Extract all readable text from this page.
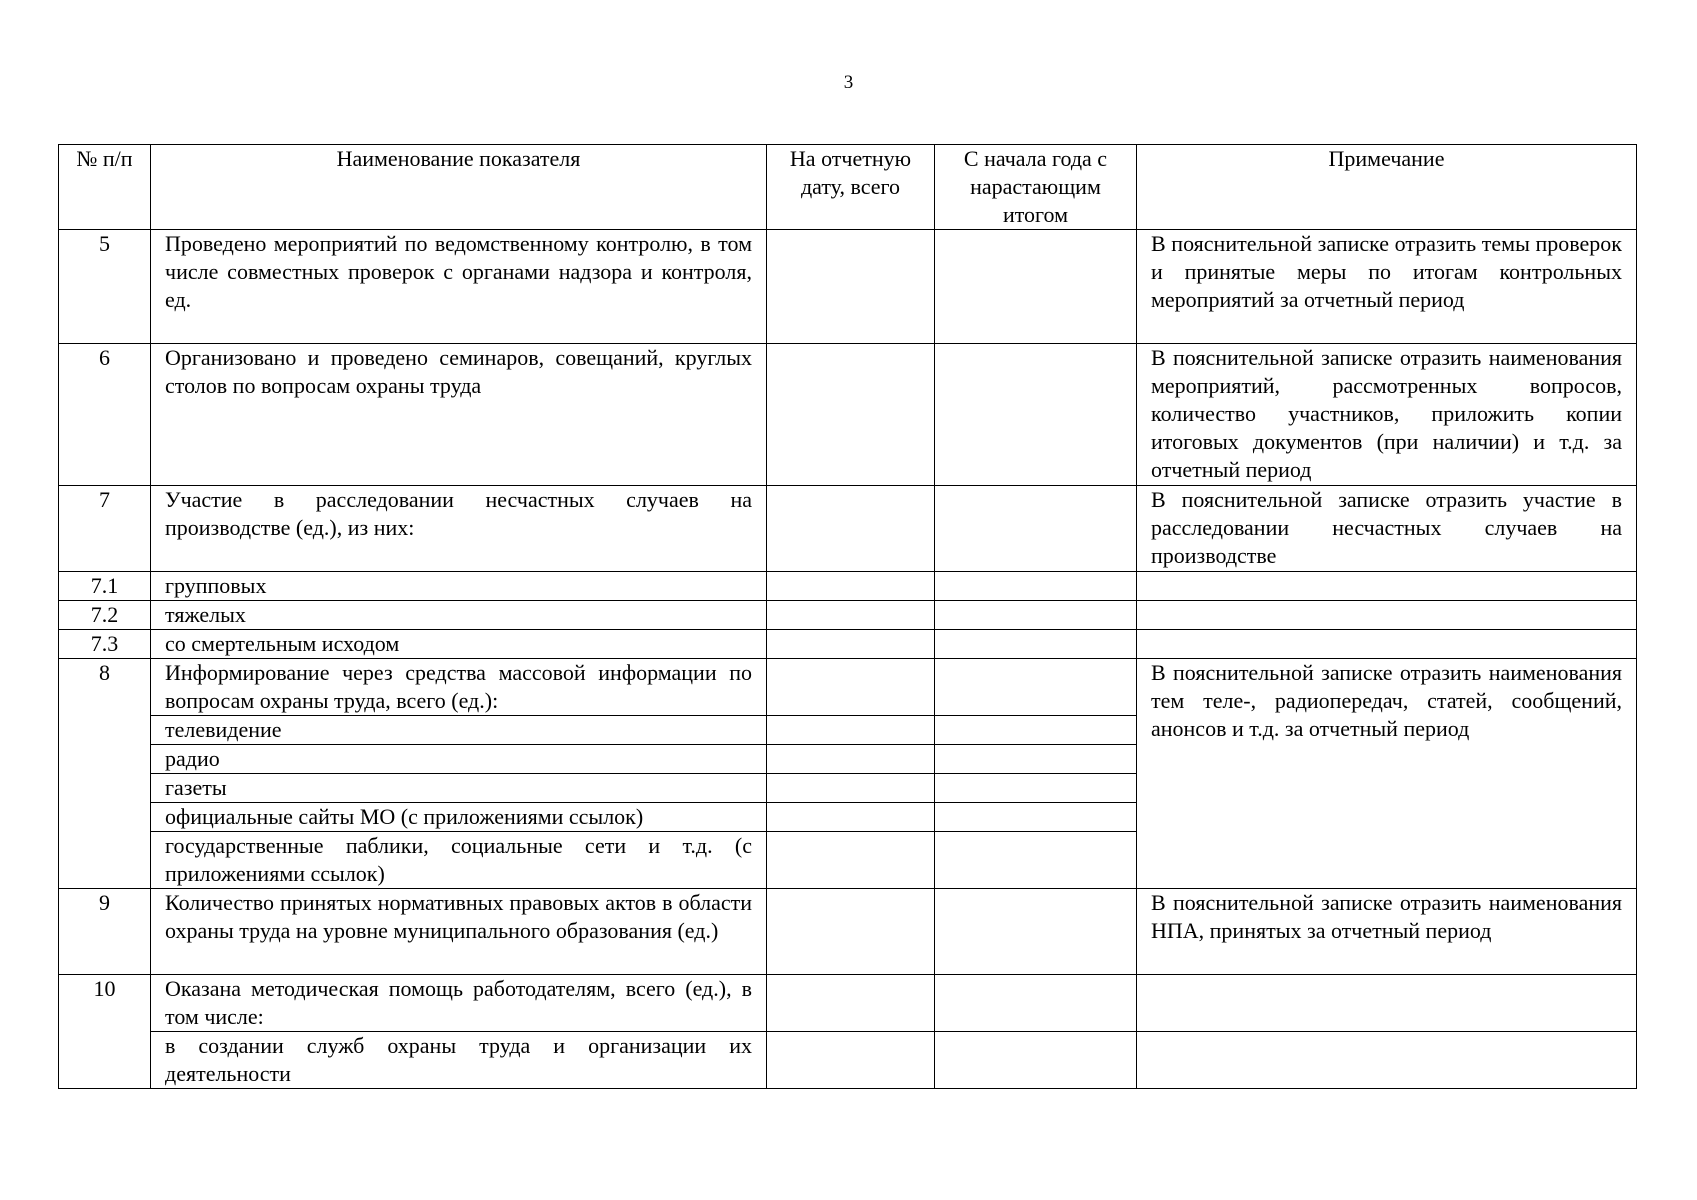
3
№ п/п	Наименование показателя	На отчетную дату, всего	С начала года с нарастающим итогом	Примечание
5	Проведено мероприятий по ведомственному контролю, в том числе совместных проверок с органами надзора и контроля, ед.			В пояснительной записке отразить темы проверок и принятые меры по итогам контрольных мероприятий за отчетный период
6	Организовано и проведено семинаров, совещаний, круглых столов по вопросам охраны труда			В пояснительной записке отразить наименования мероприятий, рассмотренных вопросов, количество участников, приложить копии итоговых документов (при наличии) и т.д. за отчетный период
7	Участие в расследовании несчастных случаев на производстве (ед.), из них:			В пояснительной записке отразить участие в расследовании несчастных случаев на производстве
7.1	групповых			
7.2	тяжелых			
7.3	со смертельным исходом			
8	Информирование через средства массовой информации по вопросам охраны труда, всего (ед.):			В пояснительной записке отразить наименования тем теле-, радиопередач, статей, сообщений, анонсов и т.д. за отчетный период
	телевидение			
	радио			
	газеты			
	официальные сайты МО (с приложениями ссылок)			
	государственные паблики, социальные сети и т.д. (с приложениями ссылок)			
9	Количество принятых нормативных правовых актов в области охраны труда на уровне муниципального образования (ед.)			В пояснительной записке отразить наименования НПА, принятых за отчетный период
10	Оказана методическая помощь работодателям, всего (ед.), в том числе:			
	в создании служб охраны труда и организации их деятельности			
